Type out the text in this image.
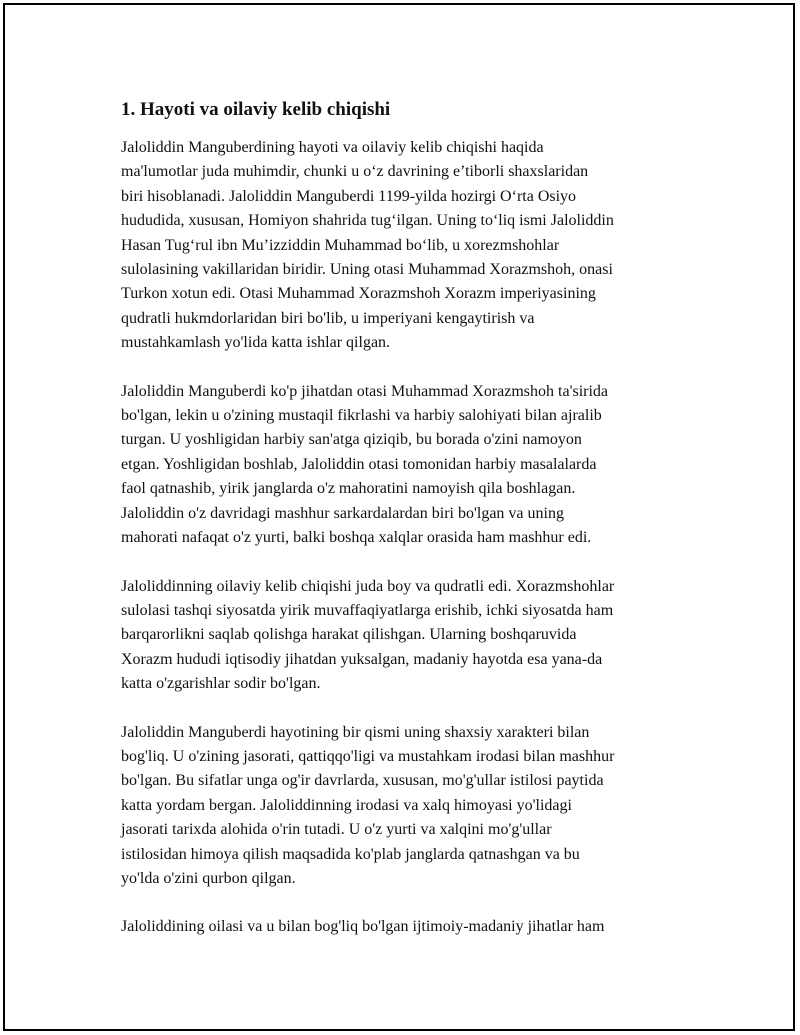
1. Hayoti va oilaviy kelib chiqishi

Jaloliddin Manguberdining hayoti va oilaviy kelib chiqishi haqida
ma'lumotlar juda muhimdir, chunki u o‘z davrining e’tiborli shaxslaridan
biri hisoblanadi. Jaloliddin Manguberdi 1199-yilda hozirgi O‘rta Osiyo
hududida, xususan, Homiyon shahrida tug‘ilgan. Uning to‘liq ismi Jaloliddin
Hasan Tug‘rul ibn Mu’izziddin Muhammad bo‘lib, u xorezmshohlar
sulolasining vakillaridan biridir. Uning otasi Muhammad Xorazmshoh, onasi
Turkon xotun edi. Otasi Muhammad Xorazmshoh Xorazm imperiyasining
qudratli hukmdorlaridan biri bo'lib, u imperiyani kengaytirish va
mustahkamlash yo'lida katta ishlar qilgan.

Jaloliddin Manguberdi ko'p jihatdan otasi Muhammad Xorazmshoh ta'sirida
bo'lgan, lekin u o'zining mustaqil fikrlashi va harbiy salohiyati bilan ajralib
turgan. U yoshligidan harbiy san'atga qiziqib, bu borada o'zini namoyon
etgan. Yoshligidan boshlab, Jaloliddin otasi tomonidan harbiy masalalarda
faol qatnashib, yirik janglarda o'z mahoratini namoyish qila boshlagan.
Jaloliddin o'z davridagi mashhur sarkardalardan biri bo'lgan va uning
mahorati nafaqat o'z yurti, balki boshqa xalqlar orasida ham mashhur edi.

Jaloliddinning oilaviy kelib chiqishi juda boy va qudratli edi. Xorazmshohlar
sulolasi tashqi siyosatda yirik muvaffaqiyatlarga erishib, ichki siyosatda ham
barqarorlikni saqlab qolishga harakat qilishgan. Ularning boshqaruvida
Xorazm hududi iqtisodiy jihatdan yuksalgan, madaniy hayotda esa yana-da
katta o'zgarishlar sodir bo'lgan.

Jaloliddin Manguberdi hayotining bir qismi uning shaxsiy xarakteri bilan
bog'liq. U o'zining jasorati, qattiqqo'ligi va mustahkam irodasi bilan mashhur
bo'lgan. Bu sifatlar unga og'ir davrlarda, xususan, mo'g'ullar istilosi paytida
katta yordam bergan. Jaloliddinning irodasi va xalq himoyasi yo'lidagi
jasorati tarixda alohida o'rin tutadi. U o'z yurti va xalqini mo'g'ullar
istilosidan himoya qilish maqsadida ko'plab janglarda qatnashgan va bu
yo'lda o'zini qurbon qilgan.

Jaloliddining oilasi va u bilan bog'liq bo'lgan ijtimoiy-madaniy jihatlar ham
